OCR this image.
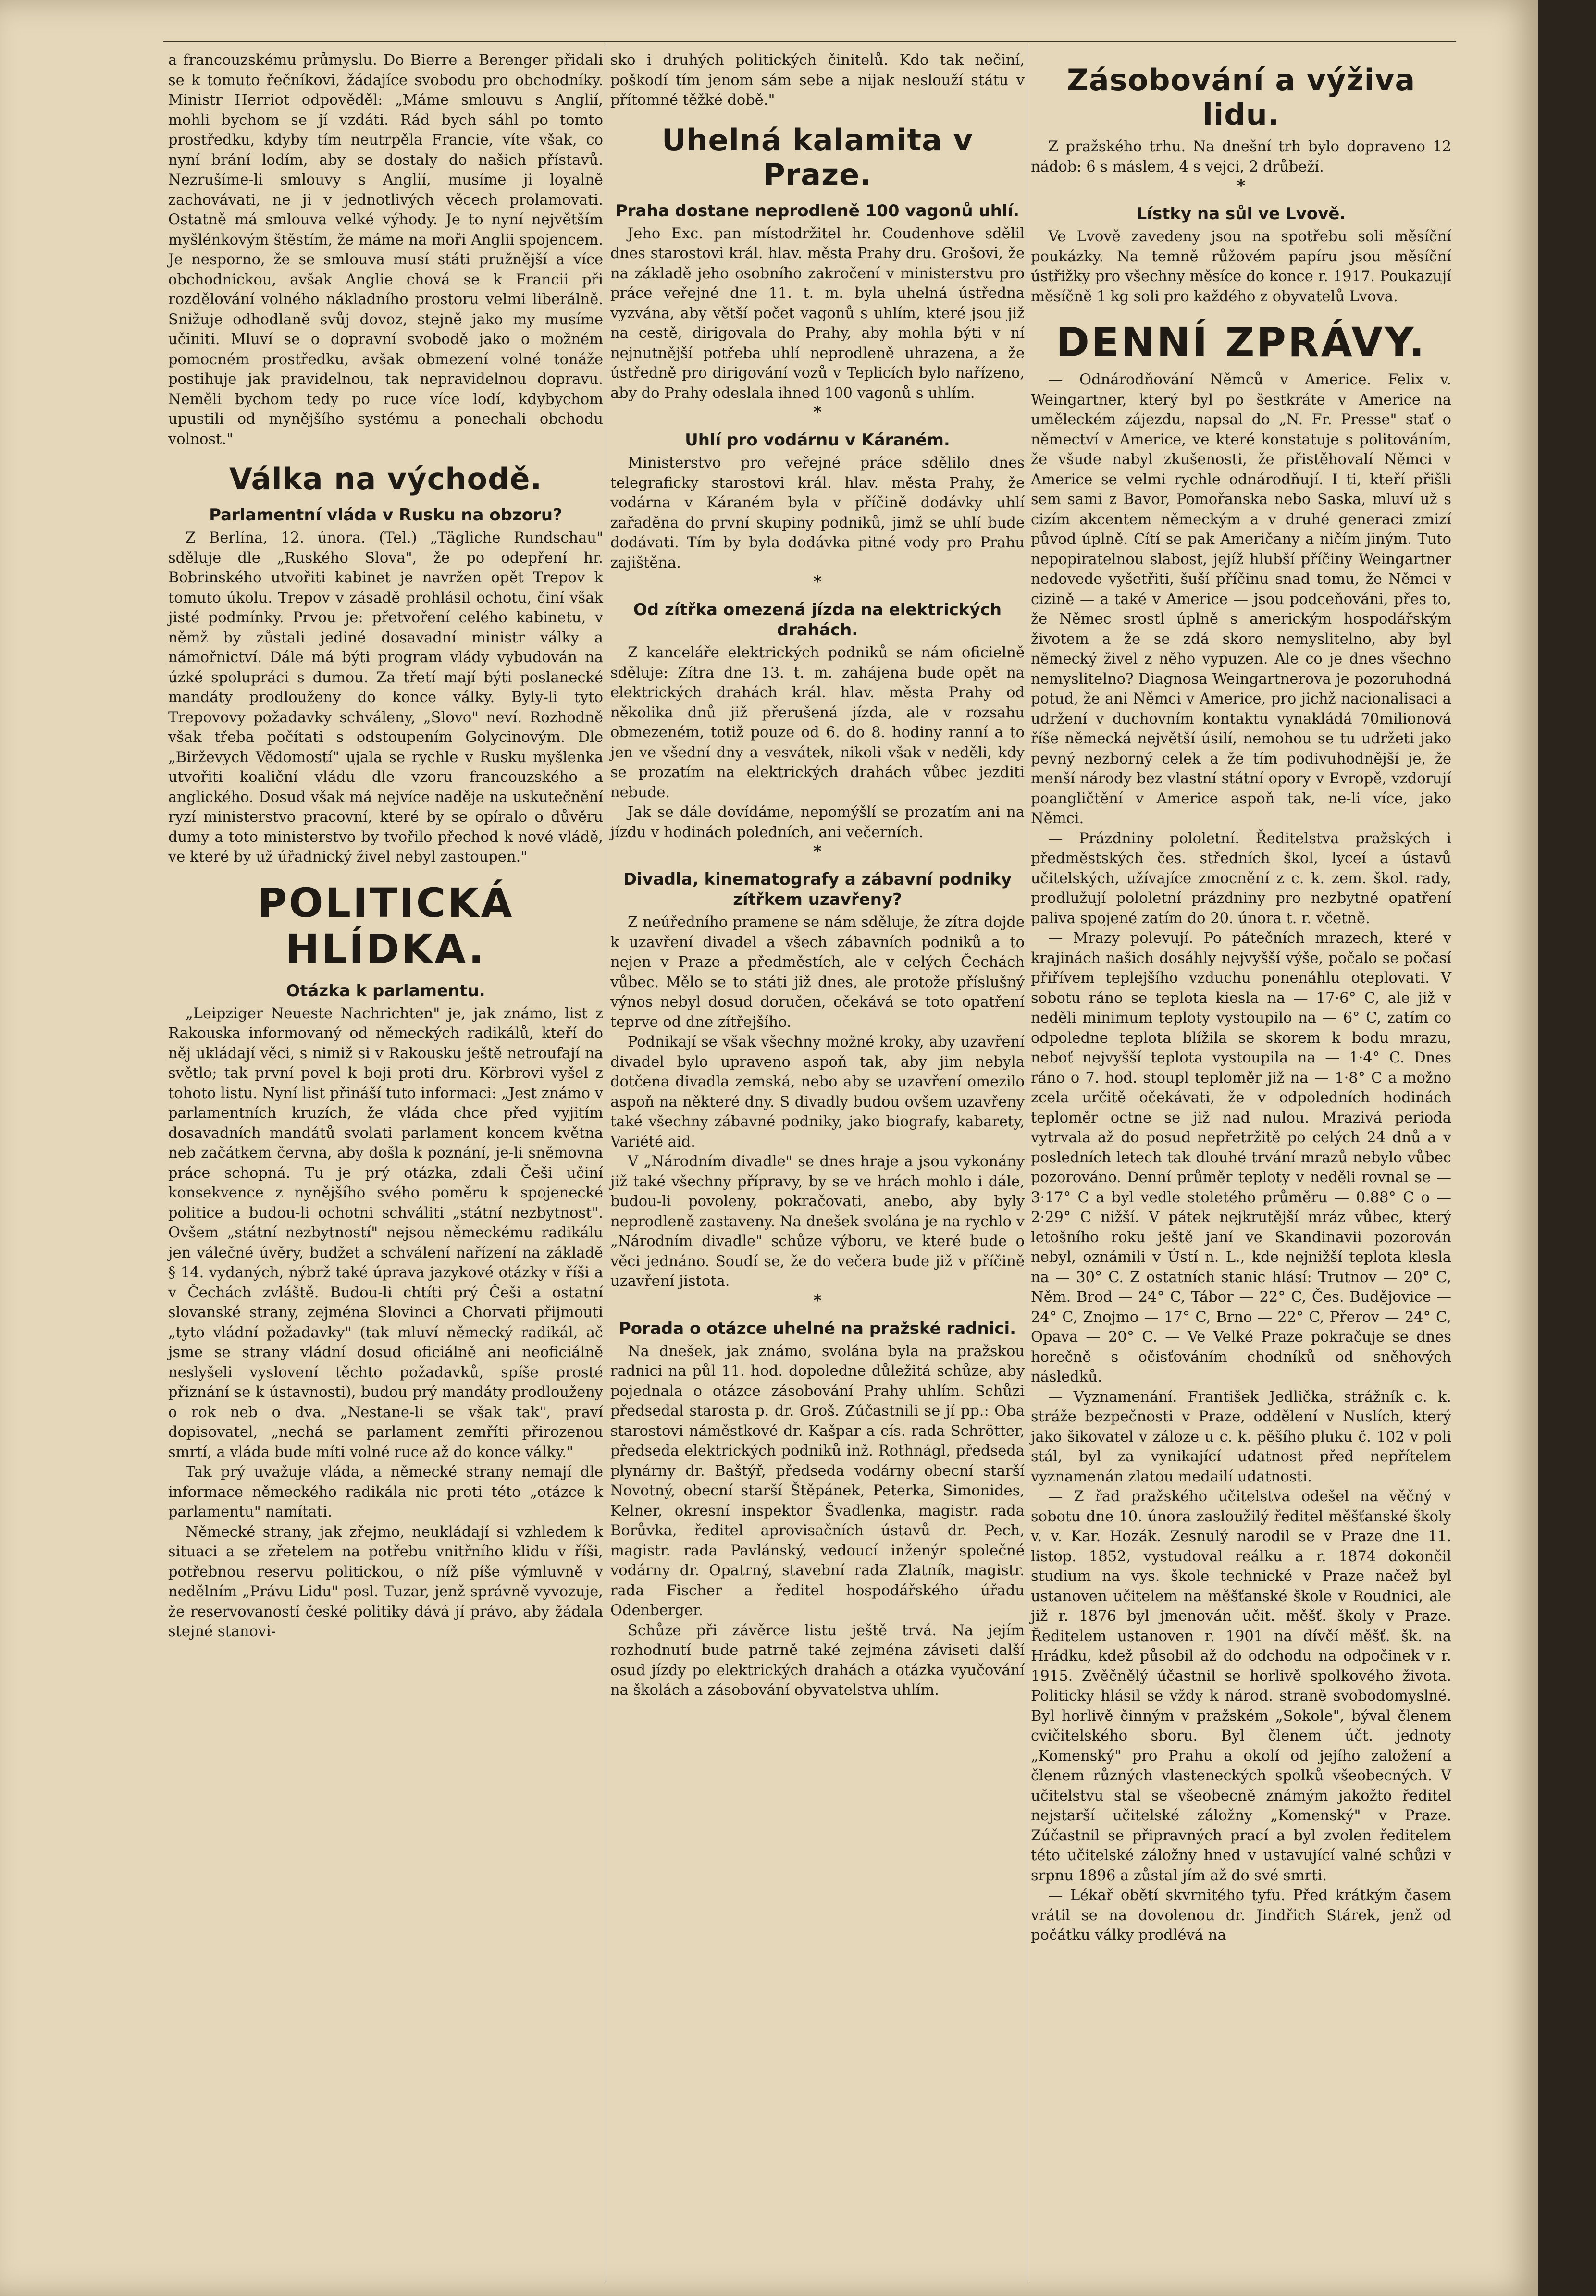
a francouzskému průmyslu. Do Bierre a Berenger přidali se k tomuto řečníkovi, žádajíce svobodu pro obchodníky. Ministr Herriot odpověděl: „Máme smlouvu s Anglií, mohli bychom se jí vzdáti. Rád bych sáhl po tomto prostředku, kdyby tím neutrpěla Francie, víte však, co nyní brání lodím, aby se dostaly do našich přístavů. Nezrušíme-li smlouvy s Anglií, musíme ji loyalně zachovávati, ne ji v jednotlivých věcech prolamovati. Ostatně má smlouva velké výhody. Je to nyní největším myšlénkovým štěstím, že máme na moři Anglii spojencem. Je nesporno, že se smlouva musí státi pružnější a více obchodnickou, avšak Anglie chová se k Francii při rozdělování volného nákladního prostoru velmi liberálně. Snižuje odhodlaně svůj dovoz, stejně jako my musíme učiniti. Mluví se o dopravní svobodě jako o možném pomocném prostředku, avšak obmezení volné tonáže postihuje jak pravidelnou, tak nepravidelnou dopravu. Neměli bychom tedy po ruce více lodí, kdybychom upustili od mynějšího systému a ponechali obchodu volnost."

Válka na východě.
Parlamentní vláda v Rusku na obzoru?

Z Berlína, 12. února. (Tel.) „Tägliche Rundschau" sděluje dle „Ruského Slova", že po odepření hr. Bobrinského utvořiti kabinet je navržen opět Trepov k tomuto úkolu. Trepov v zásadě prohlásil ochotu, činí však jisté podmínky. Prvou je: přetvoření celého kabinetu, v němž by zůstali jediné dosavadní ministr války a námořnictví. Dále má býti program vlády vybudován na úzké spolupráci s dumou. Za třetí mají býti poslanecké mandáty prodlouženy do konce války. Byly-li tyto Trepovovy požadavky schváleny, „Slovo" neví. Rozhodně však třeba počítati s odstoupením Golycinovým. Dle „Birževych Vědomostí" ujala se rychle v Rusku myšlenka utvořiti koaliční vládu dle vzoru francouzského a anglického. Dosud však má nejvíce naděje na uskutečnění ryzí ministerstvo pracovní, které by se opíralo o důvěru dumy a toto ministerstvo by tvořilo přechod k nové vládě, ve které by už úřadnický živel nebyl zastoupen."

POLITICKÁ HLÍDKA.
Otázka k parlamentu.

„Leipziger Neueste Nachrichten" je, jak známo, list z Rakouska informovaný od německých radikálů, kteří do něj ukládají věci, s nimiž si v Rakousku ještě netroufají na světlo; tak první povel k boji proti dru. Körbrovi vyšel z tohoto listu. Nyní list přináší tuto informaci: „Jest známo v parlamentních kruzích, že vláda chce před vyjitím dosavadních mandátů svolati parlament koncem května neb začátkem června, aby došla k poznání, je-li sněmovna práce schopná. Tu je prý otázka, zdali Češi učiní konsekvence z nynějšího svého poměru k spojenecké politice a budou-li ochotni schváliti „státní nezbytnost". Ovšem „státní nezbytností" nejsou německému radikálu jen válečné úvěry, budžet a schválení nařízení na základě § 14. vydaných, nýbrž také úprava jazykové otázky v říši a v Čechách zvláště. Budou-li chtíti prý Češi a ostatní slovanské strany, zejména Slovinci a Chorvati přijmouti „tyto vládní požadavky" (tak mluví německý radikál, ač jsme se strany vládní dosud oficiálně ani neoficiálně neslyšeli vyslovení těchto požadavků, spíše prosté přiznání se k ústavnosti), budou prý mandáty prodlouženy o rok neb o dva. „Nestane-li se však tak", praví dopisovatel, „nechá se parlament zemříti přirozenou smrtí, a vláda bude míti volné ruce až do konce války."

Tak prý uvažuje vláda, a německé strany nemají dle informace německého radikála nic proti této „otázce k parlamentu" namítati.

Německé strany, jak zřejmo, neukládají si vzhledem k situaci a se zřetelem na potřebu vnitřního klidu v říši, potřebnou reservu politickou, o níž píše výmluvně v nedělním „Právu Lidu" posl. Tuzar, jenž správně vyvozuje, že reservovaností české politiky dává jí právo, aby žádala stejné stanovi-

sko i druhých politických činitelů. Kdo tak nečiní, poškodí tím jenom sám sebe a nijak neslouží státu v přítomné těžké době."

Uhelná kalamita v Praze.
Praha dostane neprodleně 100 vagonů uhlí.

Jeho Exc. pan místodržitel hr. Coudenhove sdělil dnes starostovi král. hlav. města Prahy dru. Grošovi, že na základě jeho osobního zakročení v ministerstvu pro práce veřejné dne 11. t. m. byla uhelná ústředna vyzvána, aby větší počet vagonů s uhlím, které jsou již na cestě, dirigovala do Prahy, aby mohla býti v ní nejnutnější potřeba uhlí neprodleně uhrazena, a že ústředně pro dirigování vozů v Teplicích bylo nařízeno, aby do Prahy odeslala ihned 100 vagonů s uhlím.

*
Uhlí pro vodárnu v Káraném.

Ministerstvo pro veřejné práce sdělilo dnes telegraficky starostovi král. hlav. města Prahy, že vodárna v Káraném byla v příčině dodávky uhlí zařaděna do první skupiny podniků, jimž se uhlí bude dodávati. Tím by byla dodávka pitné vody pro Prahu zajištěna.

*
Od zítřka omezená jízda na elektrických drahách.

Z kanceláře elektrických podniků se nám oficielně sděluje: Zítra dne 13. t. m. zahájena bude opět na elektrických drahách král. hlav. města Prahy od několika dnů již přerušená jízda, ale v rozsahu obmezeném, totiž pouze od 6. do 8. hodiny ranní a to jen ve všední dny a vesvátek, nikoli však v neděli, kdy se prozatím na elektrických drahách vůbec jezditi nebude.

Jak se dále dovídáme, nepomýšlí se prozatím ani na jízdu v hodinách poledních, ani večerních.

*
Divadla, kinematografy a zábavní podniky zítřkem uzavřeny?

Z neúředního pramene se nám sděluje, že zítra dojde k uzavření divadel a všech zábavních podniků a to nejen v Praze a předměstích, ale v celých Čechách vůbec. Mělo se to státi již dnes, ale protože příslušný výnos nebyl dosud doručen, očekává se toto opatření teprve od dne zítřejšího.

Podnikají se však všechny možné kroky, aby uzavření divadel bylo upraveno aspoň tak, aby jim nebyla dotčena divadla zemská, nebo aby se uzavření omezilo aspoň na některé dny. S divadly budou ovšem uzavřeny také všechny zábavné podniky, jako biografy, kabarety, Variété aid.

V „Národním divadle" se dnes hraje a jsou vykonány již také všechny přípravy, by se ve hrách mohlo i dále, budou-li povoleny, pokračovati, anebo, aby byly neprodleně zastaveny. Na dnešek svolána je na rychlo v „Národním divadle" schůze výboru, ve které bude o věci jednáno. Soudí se, že do večera bude již v příčině uzavření jistota.

*
Porada o otázce uhelné na pražské radnici.

Na dnešek, jak známo, svolána byla na pražskou radnici na půl 11. hod. dopoledne důležitá schůze, aby pojednala o otázce zásobování Prahy uhlím. Schůzi předsedal starosta p. dr. Groš. Zúčastnili se jí pp.: Oba starostovi náměstkové dr. Kašpar a cís. rada Schrötter, předseda elektrických podniků inž. Rothnágl, předseda plynárny dr. Baštýř, předseda vodárny obecní starší Novotný, obecní starší Štěpánek, Peterka, Simonides, Kelner, okresní inspektor Švadlenka, magistr. rada Borůvka, ředitel aprovisačních ústavů dr. Pech, magistr. rada Pavlánský, vedoucí inženýr společné vodárny dr. Opatrný, stavební rada Zlatník, magistr. rada Fischer a ředitel hospodářského úřadu Odenberger.

Schůze při závěrce listu ještě trvá. Na jejím rozhodnutí bude patrně také zejména záviseti další osud jízdy po elektrických drahách a otázka vyučování na školách a zásobování obyvatelstva uhlím.

Zásobování a výživa lidu.

Z pražského trhu. Na dnešní trh bylo dopraveno 12 nádob: 6 s máslem, 4 s vejci, 2 drůbeží.

*
Lístky na sůl ve Lvově.

Ve Lvově zavedeny jsou na spotřebu soli měsíční poukázky. Na temně růžovém papíru jsou měsíční ústřižky pro všechny měsíce do konce r. 1917. Poukazují měsíčně 1 kg soli pro každého z obyvatelů Lvova.

DENNÍ ZPRÁVY.

— Odnárodňování Němců v Americe. Felix v. Weingartner, který byl po šestkráte v Americe na uměleckém zájezdu, napsal do „N. Fr. Presse" stať o němectví v Americe, ve které konstatuje s politováním, že všude nabyl zkušenosti, že přistěhovalí Němci v Americe se velmi rychle odnárodňují. I ti, kteří přišli sem sami z Bavor, Pomořanska nebo Saska, mluví už s cizím akcentem německým a v druhé generaci zmizí původ úplně. Cítí se pak Američany a ničím jiným. Tuto nepopiratelnou slabost, jejíž hlubší příčiny Weingartner nedovede vyšetřiti, šuší příčinu snad tomu, že Němci v cizině — a také v Americe — jsou podceňováni, přes to, že Němec srostl úplně s americkým hospodářským životem a že se zdá skoro nemyslitelno, aby byl německý živel z něho vypuzen. Ale co je dnes všechno nemyslitelno? Diagnosa Weingartnerova je pozoruhodná potud, že ani Němci v Americe, pro jichž nacionalisaci a udržení v duchovním kontaktu vynakládá 70milionová říše německá největší úsilí, nemohou se tu udržeti jako pevný nezborný celek a že tím podivuhodnější je, že menší národy bez vlastní státní opory v Evropě, vzdorují poangličtění v Americe aspoň tak, ne-li více, jako Němci.

— Prázdniny pololetní. Ředitelstva pražských i předměstských čes. středních škol, lyceí a ústavů učitelských, užívajíce zmocnění z c. k. zem. škol. rady, prodlužují pololetní prázdniny pro nezbytné opatření paliva spojené zatím do 20. února t. r. včetně.

— Mrazy polevují. Po pátečních mrazech, které v krajinách našich dosáhly nejvyšší výše, počalo se počasí přiřívem teplejšího vzduchu ponenáhlu oteplovati. V sobotu ráno se teplota kiesla na — 17·6° C, ale již v neděli minimum teploty vystoupilo na — 6° C, zatím co odpoledne teplota blížila se skorem k bodu mrazu, neboť nejvyšší teplota vystoupila na — 1·4° C. Dnes ráno o 7. hod. stoupl teploměr již na — 1·8° C a možno zcela určitě očekávati, že v odpoledních hodinách teploměr octne se již nad nulou. Mrazivá perioda vytrvala až do posud nepřetržitě po celých 24 dnů a v posledních letech tak dlouhé trvání mrazů nebylo vůbec pozorováno. Denní průměr teploty v neděli rovnal se — 3·17° C a byl vedle stoletého průměru — 0.88° C o — 2·29° C nižší. V pátek nejkrutější mráz vůbec, který letošního roku ještě janí ve Skandinavii pozorován nebyl, oznámili v Ústí n. L., kde nejnižší teplota klesla na — 30° C. Z ostatních stanic hlásí: Trutnov — 20° C, Něm. Brod — 24° C, Tábor — 22° C, Čes. Budějovice — 24° C, Znojmo — 17° C, Brno — 22° C, Přerov — 24° C, Opava — 20° C. — Ve Velké Praze pokračuje se dnes horečně s očisťováním chodníků od sněhových následků.

— Vyznamenání. František Jedlička, strážník c. k. stráže bezpečnosti v Praze, oddělení v Nuslích, který jako šikovatel v záloze u c. k. pěšího pluku č. 102 v poli stál, byl za vynikající udatnost před nepřítelem vyznamenán zlatou medailí udatnosti.

— Z řad pražského učitelstva odešel na věčný v sobotu dne 10. února zasloužilý ředitel měšťanské školy v. v. Kar. Hozák. Zesnulý narodil se v Praze dne 11. listop. 1852, vystudoval reálku a r. 1874 dokončil studium na vys. škole technické v Praze načež byl ustanoven učitelem na měšťanské škole v Roudnici, ale již r. 1876 byl jmenován učit. měšť. školy v Praze. Ředitelem ustanoven r. 1901 na dívčí měšť. šk. na Hrádku, kdež působil až do odchodu na odpočinek v r. 1915. Zvěčnělý účastnil se horlivě spolkového života. Politicky hlásil se vždy k národ. straně svobodomyslné. Byl horlivě činným v pražském „Sokole", býval členem cvičitelského sboru. Byl členem účt. jednoty „Komenský" pro Prahu a okolí od jejího založení a členem různých vlasteneckých spolků všeobecných. V učitelstvu stal se všeobecně známým jakožto ředitel nejstarší učitelské záložny „Komenský" v Praze. Zúčastnil se připravných prací a byl zvolen ředitelem této učitelské záložny hned v ustavující valné schůzi v srpnu 1896 a zůstal jím až do své smrti.

— Lékař obětí skvrnitého tyfu. Před krátkým časem vrátil se na dovolenou dr. Jindřich Stárek, jenž od počátku války prodlévá na
